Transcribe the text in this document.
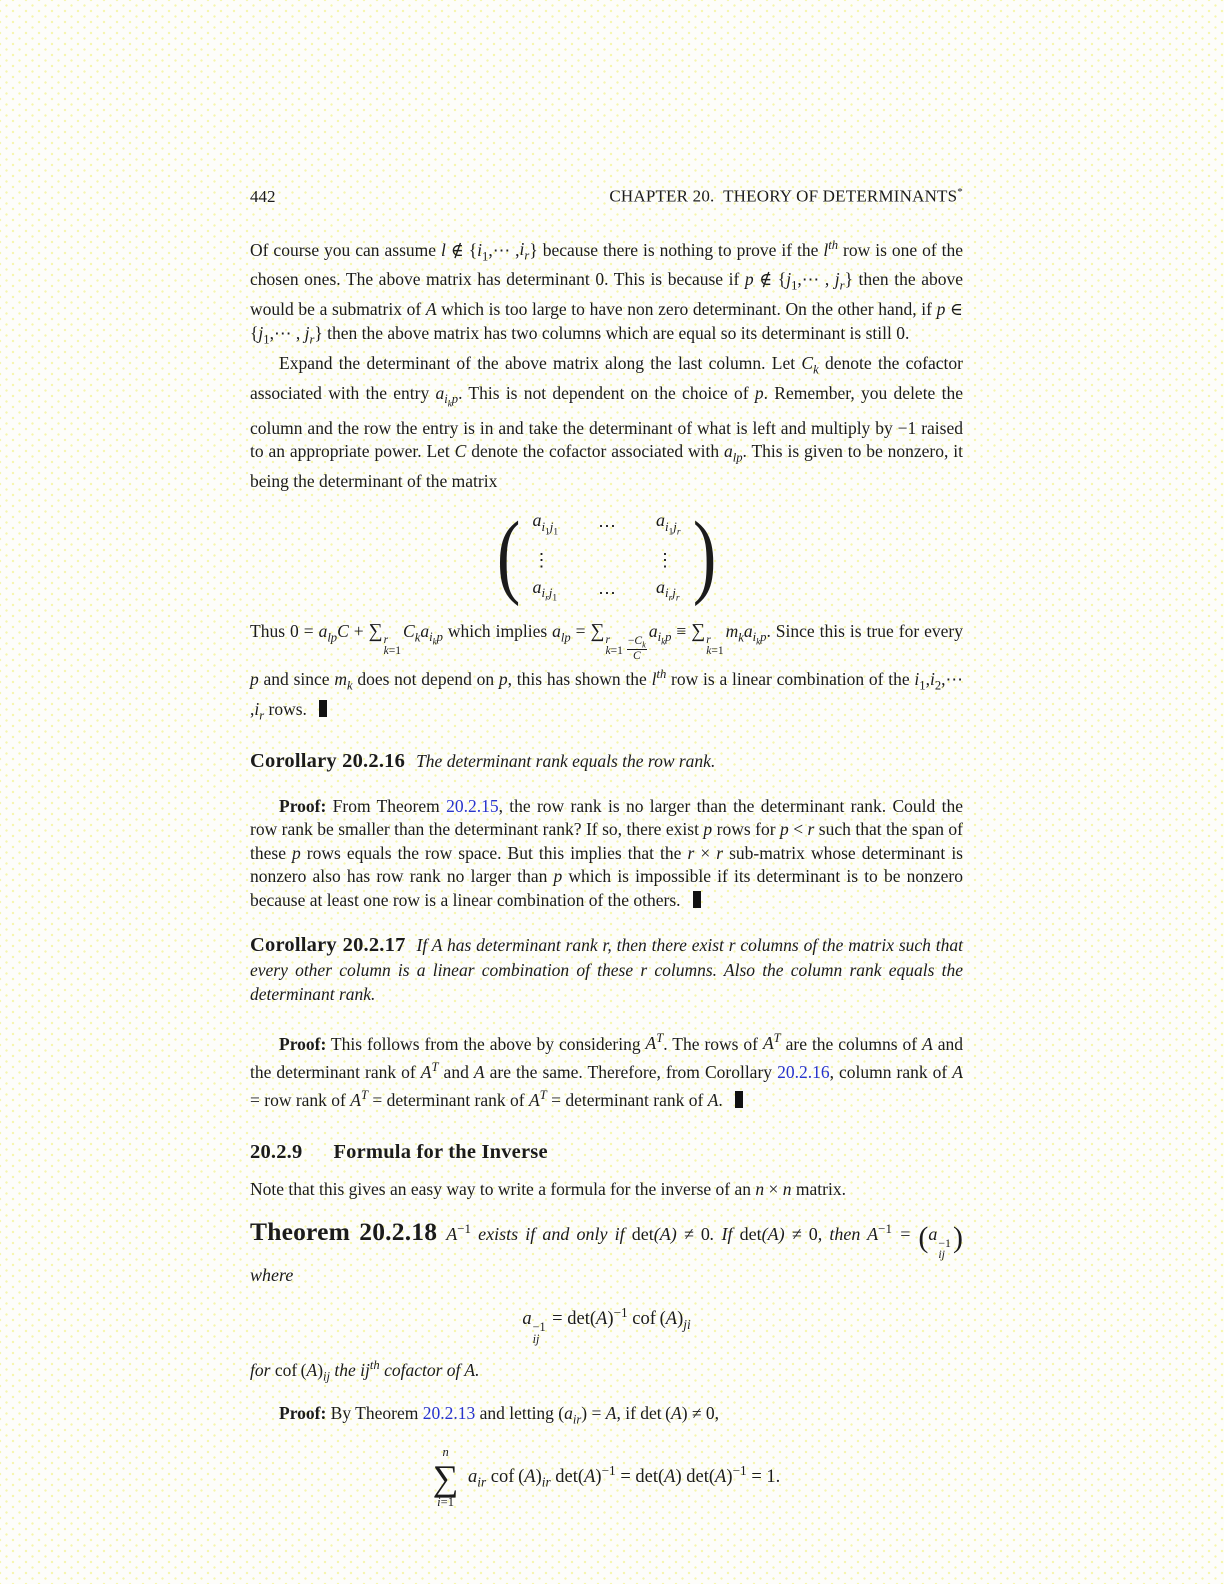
442	CHAPTER 20.  THEORY OF DETERMINANTS*

Of course you can assume l ∉ {$i_1,\cdots$ $,i_r$} because there is nothing to prove if the $l^{th}$ row is one of the chosen ones. The above matrix has determinant 0. This is because if p ∉ {$j_1,\cdots$ , $j_r$} then the above would be a submatrix of A which is too large to have non zero determinant. On the other hand, if p ∈ {$j_1,\cdots$ , $j_r$} then the above matrix has two columns which are equal so its determinant is still 0.

Expand the determinant of the above matrix along the last column. Let $C_k$ denote the cofactor associated with the entry $a_{i_kp}$. This is not dependent on the choice of p. Remember, you delete the column and the row the entry is in and take the determinant of what is left and multiply by −1 raised to an appropriate power. Let C denote the cofactor associated with $a_{lp}$. This is given to be nonzero, it being the determinant of the matrix

( $a_{i_1j_1}$ ⋯ $a_{i_1j_r}$
⋮	⋮
$a_{i_rj_1}$ ⋯ $a_{i_rj_r}$ )

Thus $0 = a_{lp}C$ + ∑ r
k=1
$C_ka_{i_kp}$ which implies $a_{lp}$ = ∑ r
$k=1 \frac{-C_k}{C}$
$a_{i_kp}$ ≡ ∑ r
k=1
$m_ka_{i_kp}$. Since this is true for every p and since $m_k$ does not depend on p, this has shown the $l^{th}$ row is a linear combination of the $i_1,i_2,\cdots$ $,i_r$ rows.

Corollary 20.2.16 The determinant rank equals the row rank.

Proof: From Theorem 20.2.15, the row rank is no larger than the determinant rank. Could the row rank be smaller than the determinant rank? If so, there exist p rows for p < r such that the span of these p rows equals the row space. But this implies that the r × r sub-matrix whose determinant is nonzero also has row rank no larger than p which is impossible if its determinant is to be nonzero because at least one row is a linear combination of the others.

Corollary 20.2.17 If A has determinant rank r, then there exist r columns of the matrix such that every other column is a linear combination of these r columns. Also the column rank equals the determinant rank.

Proof: This follows from the above by considering $A^T$. The rows of $A^T$ are the columns of A and the determinant rank of $A^T$ and A are the same. Therefore, from Corollary 20.2.16, column rank of A = row rank of $A^T$ = determinant rank of $A^T$ = determinant rank of A.

20.2.9 Formula for the Inverse

Note that this gives an easy way to write a formula for the inverse of an n × n matrix.

Theorem 20.2.18 $A^{-1}$ exists if and only if det(A) ≠ 0. If det(A) ≠ 0, then $A^{-1} = (a -1$
ij
) where

a −1
ij
= $\det(A)^{-1}$ cof $(A)_{ji}$

for cof $(A)_{ij}$ the $ij^{th}$ cofactor of A.

Proof: By Theorem 20.2.13 and letting $(a_{ir}) = A$, if det (A) ≠ 0,

n
∑
i=1
$a_{ir}$ cof $(A)_{ir}$ $\det(A)^{-1} = \det(A) \det(A)^{-1} = 1$.
